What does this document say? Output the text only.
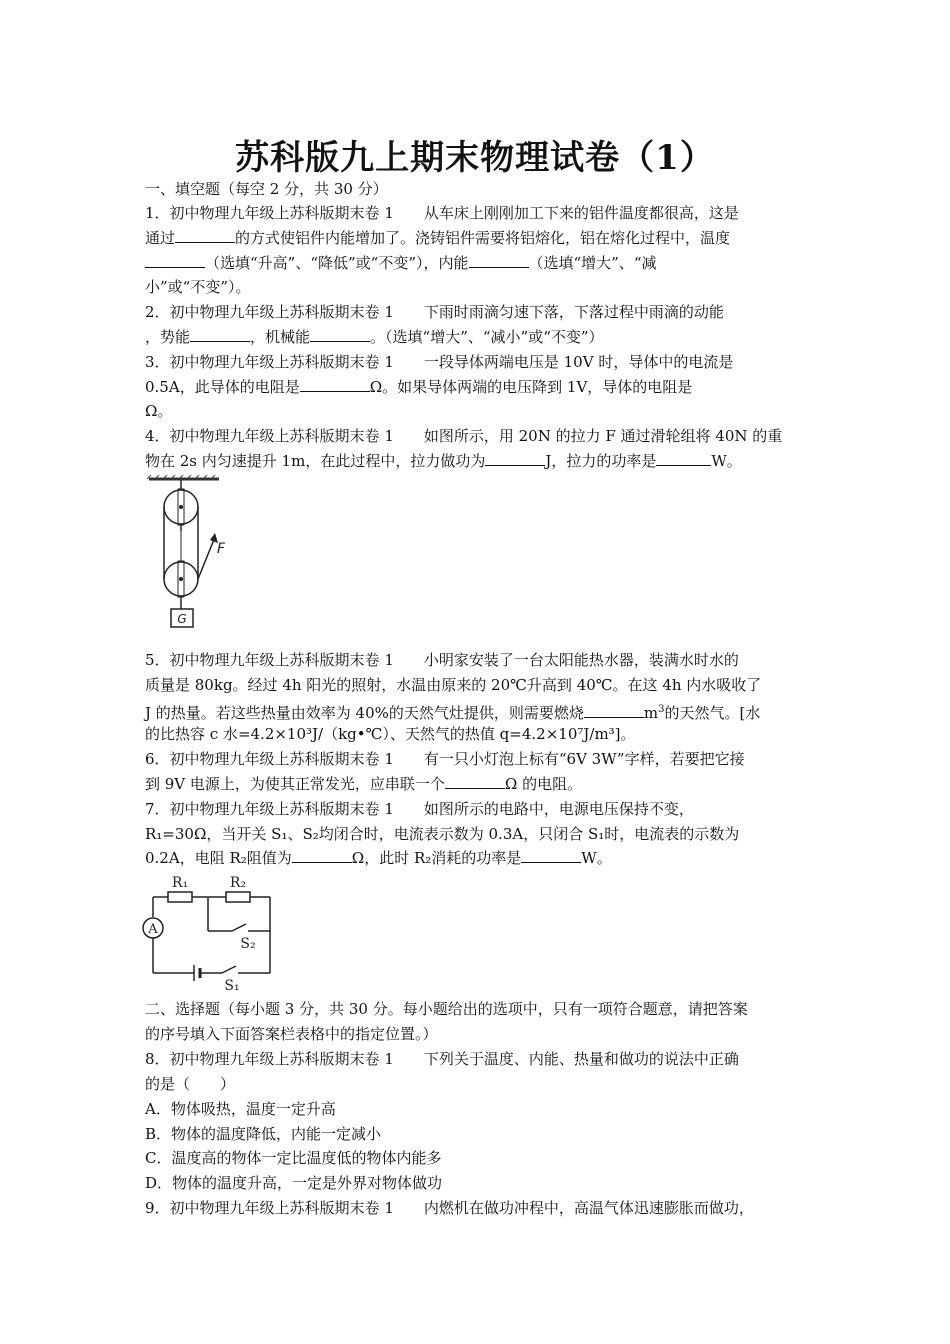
苏科版九上期末物理试卷（1）
一、填空题（每空 2 分，共 30 分）
1．初中物理九年级上苏科版期末卷 1　　从车床上刚刚加工下来的铝件温度都很高，这是
通过	的方式使铝件内能增加了。浇铸铝件需要将铝熔化，铝在熔化过程中，温度
（选填“升高”、“降低”或“不变”），内能	（选填“增大”、“减
小”或“不变”）。
2．初中物理九年级上苏科版期末卷 1　　下雨时雨滴匀速下落，下落过程中雨滴的动能
，势能	，机械能	。（选填“增大”、“减小”或“不变”）
3．初中物理九年级上苏科版期末卷 1　　一段导体两端电压是 10V 时，导体中的电流是
0.5A，此导体的电阻是	Ω。如果导体两端的电压降到 1V，导体的电阻是
Ω。
4．初中物理九年级上苏科版期末卷 1　　如图所示，用 20N 的拉力 F 通过滑轮组将 40N 的重
物在 2s 内匀速提升 1m，在此过程中，拉力做功为	J，拉力的功率是	W。
F
G
5．初中物理九年级上苏科版期末卷 1　　小明家安装了一台太阳能热水器，装满水时水的
质量是 80kg。经过 4h 阳光的照射，水温由原来的 20℃升高到 40℃。在这 4h 内水吸收了
J 的热量。若这些热量由效率为 40%的天然气灶提供，则需要燃烧	$m^3$的天然气。[水
的比热容 c 水=4.2×10³J/（kg•℃）、天然气的热值 q=4.2×10⁷J/m³]。
6．初中物理九年级上苏科版期末卷 1　　有一只小灯泡上标有“6V 3W”字样，若要把它接
到 9V 电源上，为使其正常发光，应串联一个	Ω 的电阻。
7．初中物理九年级上苏科版期末卷 1　　如图所示的电路中，电源电压保持不变，
R₁=30Ω，当开关 S₁、S₂均闭合时，电流表示数为 0.3A，只闭合 S₁时，电流表的示数为
0.2A，电阻 R₂阻值为	Ω，此时 R₂消耗的功率是	W。
R₁	R₂
S₂
A
S₁
二、选择题（每小题 3 分，共 30 分。每小题给出的选项中，只有一项符合题意，请把答案
的序号填入下面答案栏表格中的指定位置。）
8．初中物理九年级上苏科版期末卷 1　　下列关于温度、内能、热量和做功的说法中正确
的是（　　）
A．物体吸热，温度一定升高
B．物体的温度降低，内能一定减小
C．温度高的物体一定比温度低的物体内能多
D．物体的温度升高，一定是外界对物体做功
9．初中物理九年级上苏科版期末卷 1　　内燃机在做功冲程中，高温气体迅速膨胀而做功，
